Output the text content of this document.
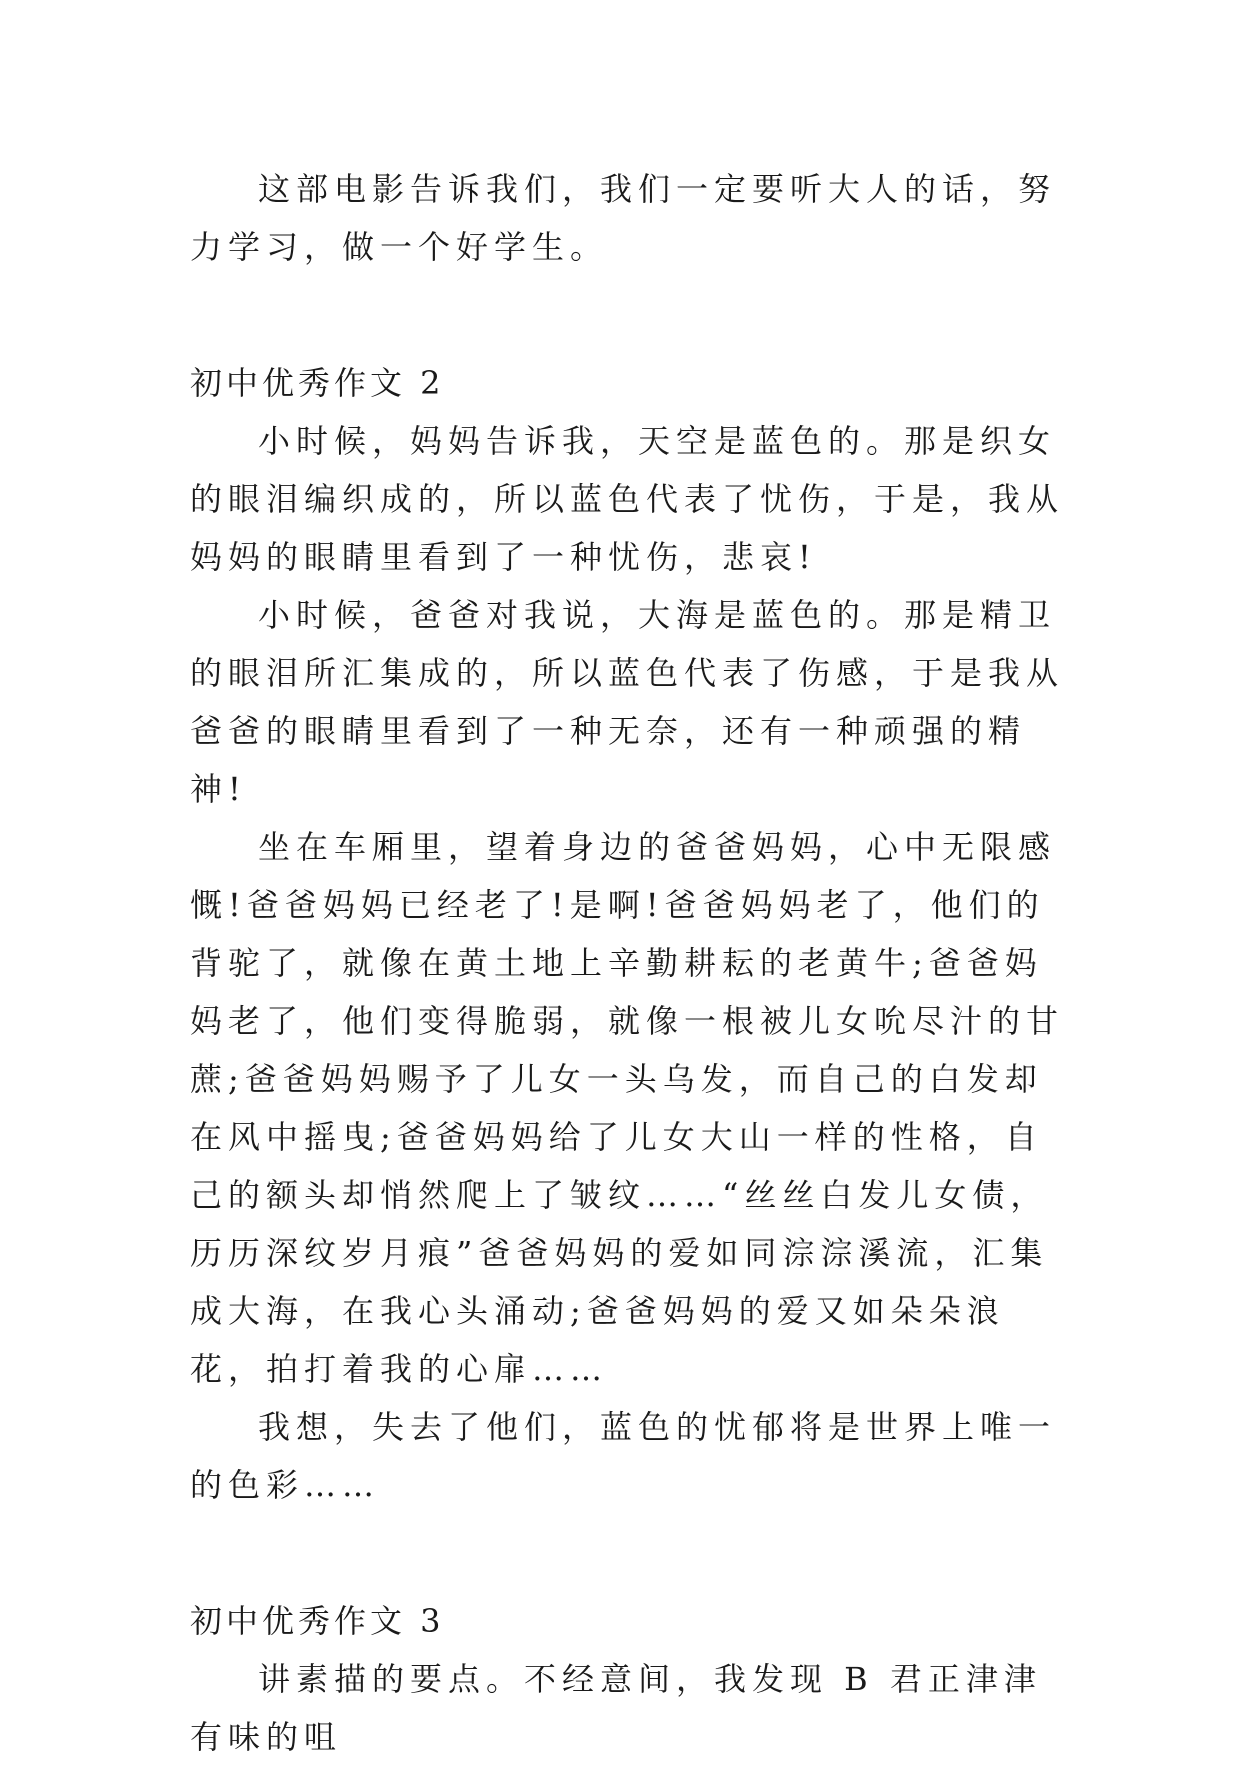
这部电影告诉我们，我们一定要听大人的话，努力学习，做一个好学生。

初中优秀作文 2

小时候，妈妈告诉我，天空是蓝色的。那是织女的眼泪编织成的，所以蓝色代表了忧伤，于是，我从妈妈的眼睛里看到了一种忧伤，悲哀!

小时候，爸爸对我说，大海是蓝色的。那是精卫的眼泪所汇集成的，所以蓝色代表了伤感，于是我从爸爸的眼睛里看到了一种无奈，还有一种顽强的精神!

坐在车厢里，望着身边的爸爸妈妈，心中无限感慨!爸爸妈妈已经老了!是啊!爸爸妈妈老了，他们的背驼了，就像在黄土地上辛勤耕耘的老黄牛;爸爸妈妈老了，他们变得脆弱，就像一根被儿女吮尽汁的甘蔗;爸爸妈妈赐予了儿女一头乌发，而自己的白发却在风中摇曳;爸爸妈妈给了儿女大山一样的性格，自己的额头却悄然爬上了皱纹……“丝丝白发儿女债，历历深纹岁月痕”爸爸妈妈的爱如同淙淙溪流，汇集成大海，在我心头涌动;爸爸妈妈的爱又如朵朵浪花，拍打着我的心扉……

我想，失去了他们，蓝色的忧郁将是世界上唯一的色彩……

初中优秀作文 3

讲素描的要点。不经意间，我发现 B 君正津津有味的咀
